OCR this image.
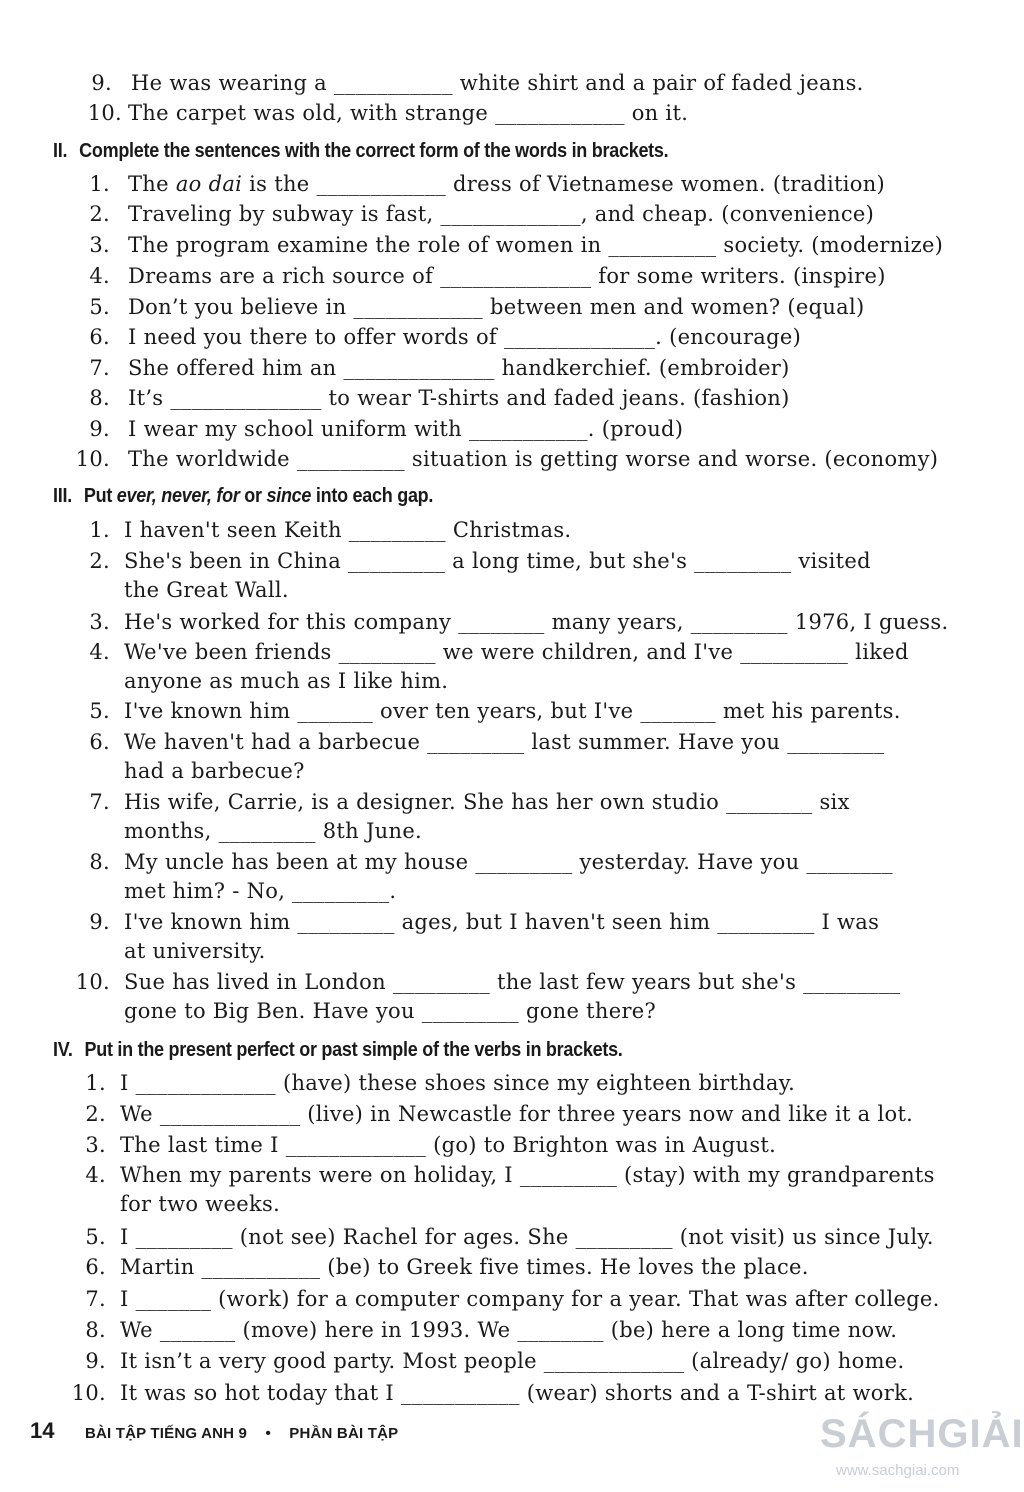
9. He was wearing a ___________ white shirt and a pair of faded jeans.
10. The carpet was old, with strange ____________ on it.
II. Complete the sentences with the correct form of the words in brackets.
1. The ao dai is the ____________ dress of Vietnamese women. (tradition)
2. Traveling by subway is fast, _____________, and cheap. (convenience)
3. The program examine the role of women in __________ society. (modernize)
4. Dreams are a rich source of ______________ for some writers. (inspire)
5. Don’t you believe in ____________ between men and women? (equal)
6. I need you there to offer words of ______________. (encourage)
7. She offered him an ______________ handkerchief. (embroider)
8. It’s ______________ to wear T-shirts and faded jeans. (fashion)
9. I wear my school uniform with ___________. (proud)
10. The worldwide __________ situation is getting worse and worse. (economy)
III. Put ever, never, for or since into each gap.
1. I haven't seen Keith _________ Christmas.
2. She's been in China _________ a long time, but she's _________ visited
the Great Wall.
3. He's worked for this company ________ many years, _________ 1976, I guess.
4. We've been friends _________ we were children, and I've __________ liked
anyone as much as I like him.
5. I've known him _______ over ten years, but I've _______ met his parents.
6. We haven't had a barbecue _________ last summer. Have you _________
had a barbecue?
7. His wife, Carrie, is a designer. She has her own studio ________ six
months, _________ 8th June.
8. My uncle has been at my house _________ yesterday. Have you ________
met him? - No, _________.
9. I've known him _________ ages, but I haven't seen him _________ I was
at university.
10. Sue has lived in London _________ the last few years but she's _________
gone to Big Ben. Have you _________ gone there?
IV. Put in the present perfect or past simple of the verbs in brackets.
1. I _____________ (have) these shoes since my eighteen birthday.
2. We _____________ (live) in Newcastle for three years now and like it a lot.
3. The last time I _____________ (go) to Brighton was in August.
4. When my parents were on holiday, I _________ (stay) with my grandparents
for two weeks.
5. I _________ (not see) Rachel for ages. She _________ (not visit) us since July.
6. Martin ___________ (be) to Greek five times. He loves the place.
7. I _______ (work) for a computer company for a year. That was after college.
8. We _______ (move) here in 1993. We ________ (be) here a long time now.
9. It isn’t a very good party. Most people _____________ (already/ go) home.
10. It was so hot today that I ___________ (wear) shorts and a T-shirt at work.
14 BÀI TẬP TIẾNG ANH 9 • PHẦN BÀI TẬP	SÁCHGIẢI
www.sachgiai.com
